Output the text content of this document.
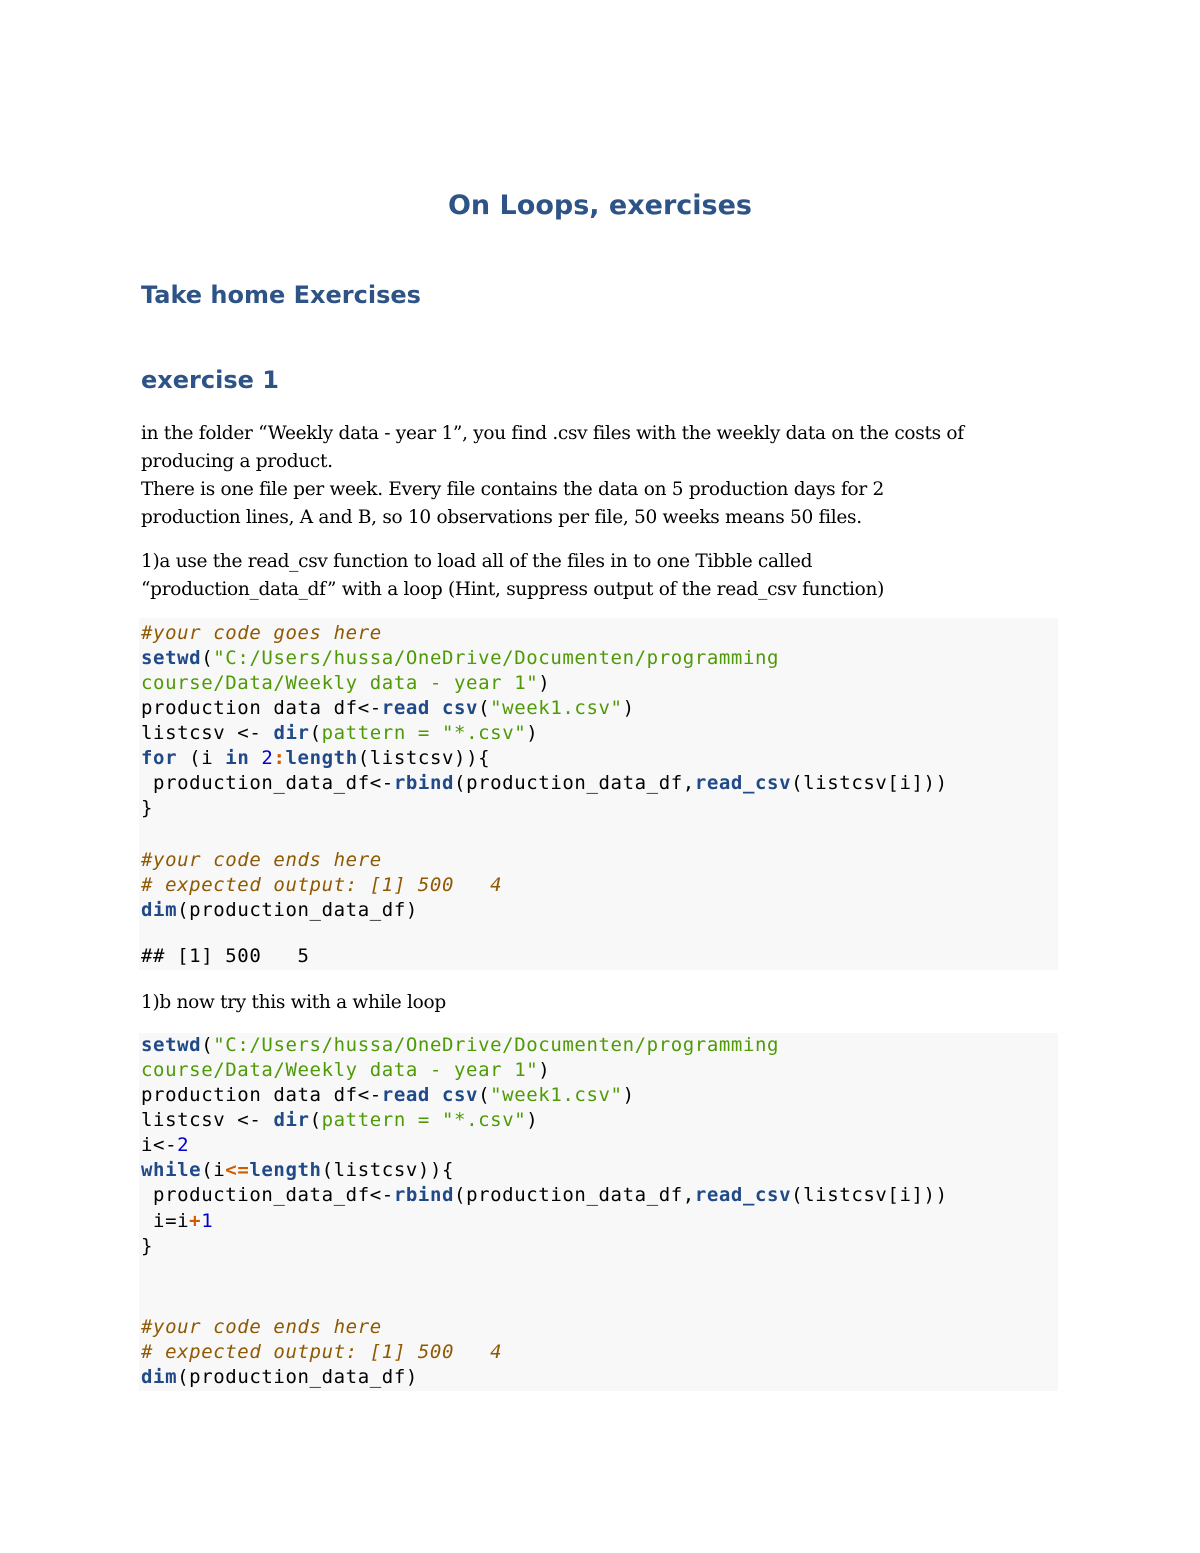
On Loops, exercises
Take home Exercises
exercise 1
in the folder “Weekly data - year 1”, you find .csv files with the weekly data on the costs of
producing a product.
There is one file per week. Every file contains the data on 5 production days for 2
production lines, A and B, so 10 observations per file, 50 weeks means 50 files.
1)a use the read_csv function to load all of the files in to one Tibble called
“production_data_df” with a loop (Hint, suppress output of the read_csv function)
#your code goes here
setwd("C:/Users/hussa/OneDrive/Documenten/programming
course/Data/Weekly data - year 1")
production data df<-read csv("week1.csv")
listcsv <- dir(pattern = "*.csv")
for (i in 2:length(listcsv)){
production_data_df<-rbind(production_data_df,read_csv(listcsv[i]))
}
#your code ends here
# expected output: [1] 500   4
dim(production_data_df)
## [1] 500   5
1)b now try this with a while loop
setwd("C:/Users/hussa/OneDrive/Documenten/programming
course/Data/Weekly data - year 1")
production data df<-read csv("week1.csv")
listcsv <- dir(pattern = "*.csv")
i<-2
while(i<=length(listcsv)){
production_data_df<-rbind(production_data_df,read_csv(listcsv[i]))
i=i+1
}
#your code ends here
# expected output: [1] 500   4
dim(production_data_df)
